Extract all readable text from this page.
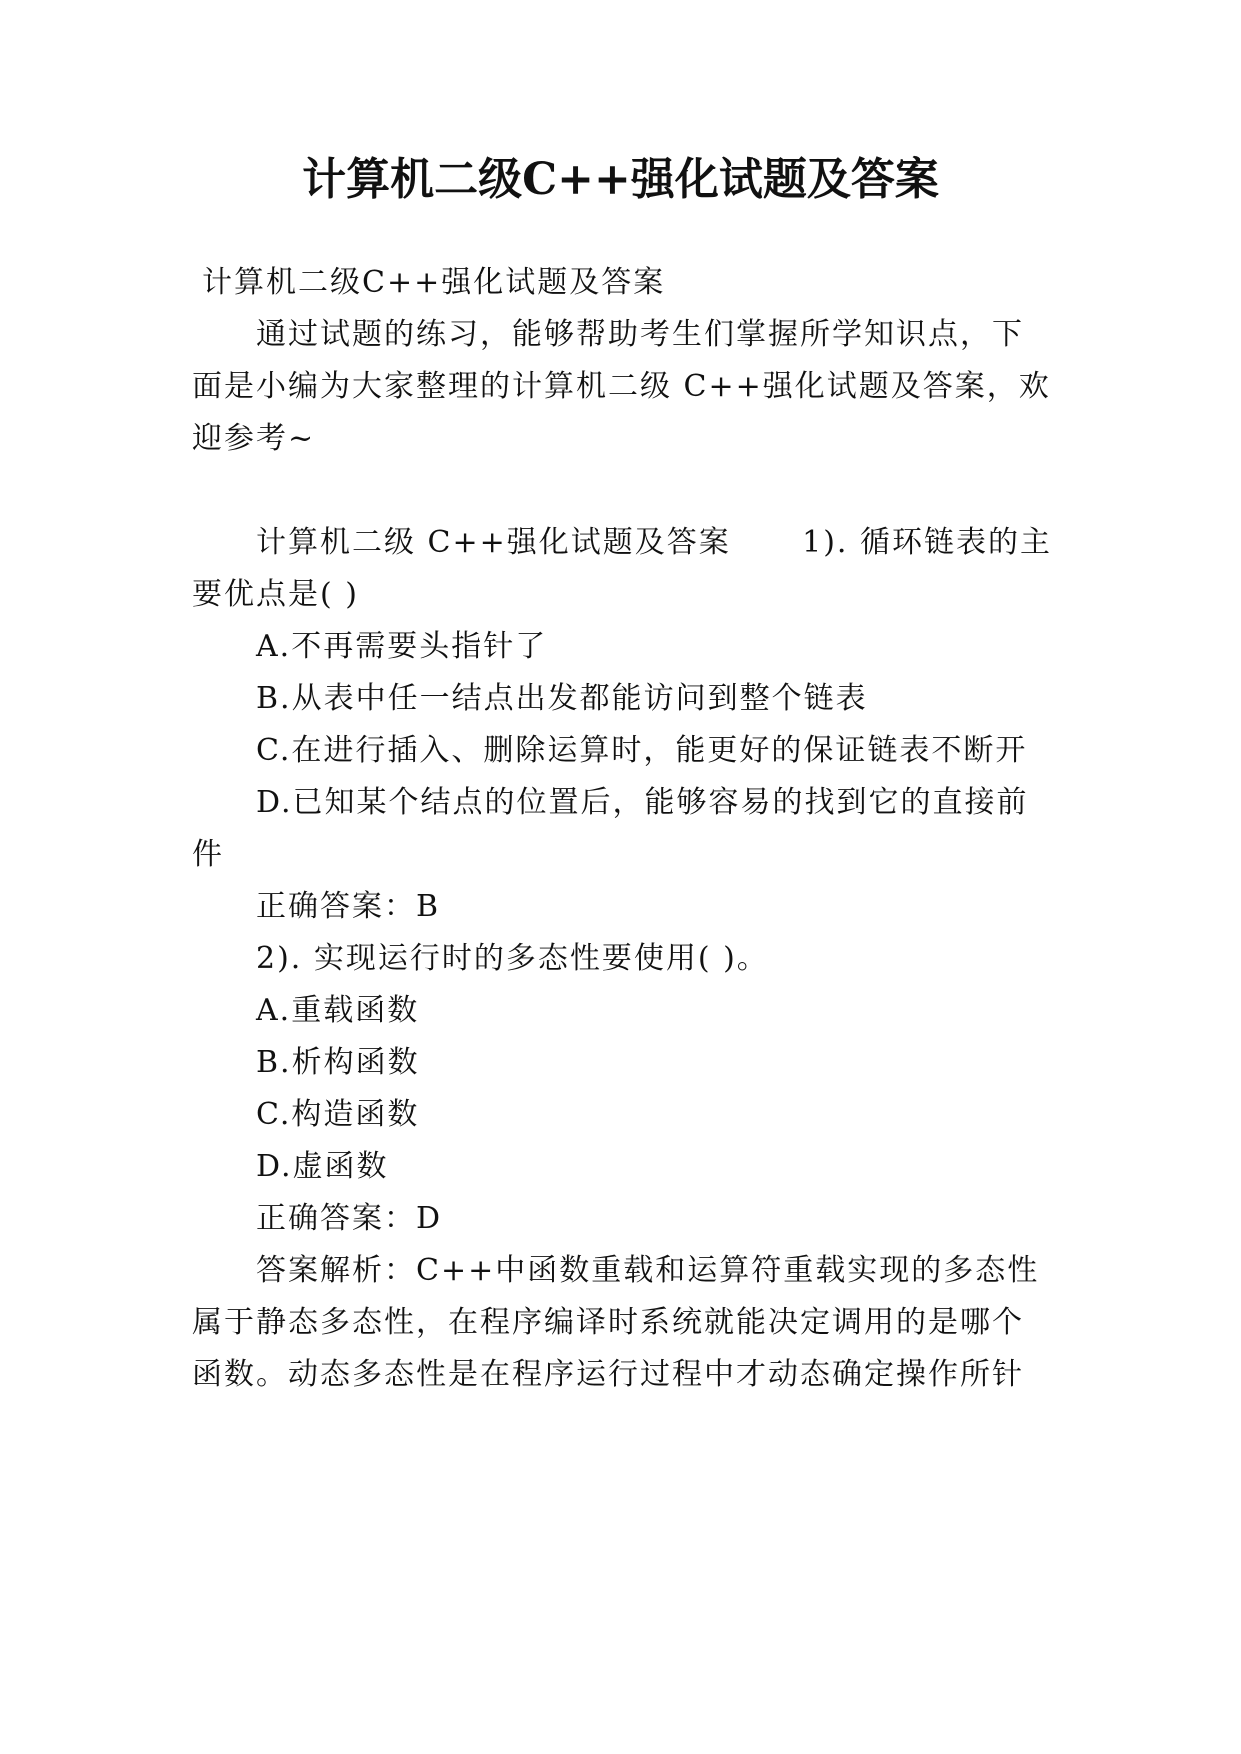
计算机二级C++强化试题及答案
计算机二级C++强化试题及答案
通过试题的练习，能够帮助考生们掌握所学知识点，下
面是小编为大家整理的计算机二级 C++强化试题及答案，欢
迎参考~
计算机二级 C++强化试题及答案 1). 循环链表的主
要优点是( )
A.不再需要头指针了
B.从表中任一结点出发都能访问到整个链表
C.在进行插入、删除运算时，能更好的保证链表不断开
D.已知某个结点的位置后，能够容易的找到它的直接前
件
正确答案：B
2). 实现运行时的多态性要使用( )。
A.重载函数
B.析构函数
C.构造函数
D.虚函数
正确答案：D
答案解析：C++中函数重载和运算符重载实现的多态性
属于静态多态性，在程序编译时系统就能决定调用的是哪个
函数。动态多态性是在程序运行过程中才动态确定操作所针
